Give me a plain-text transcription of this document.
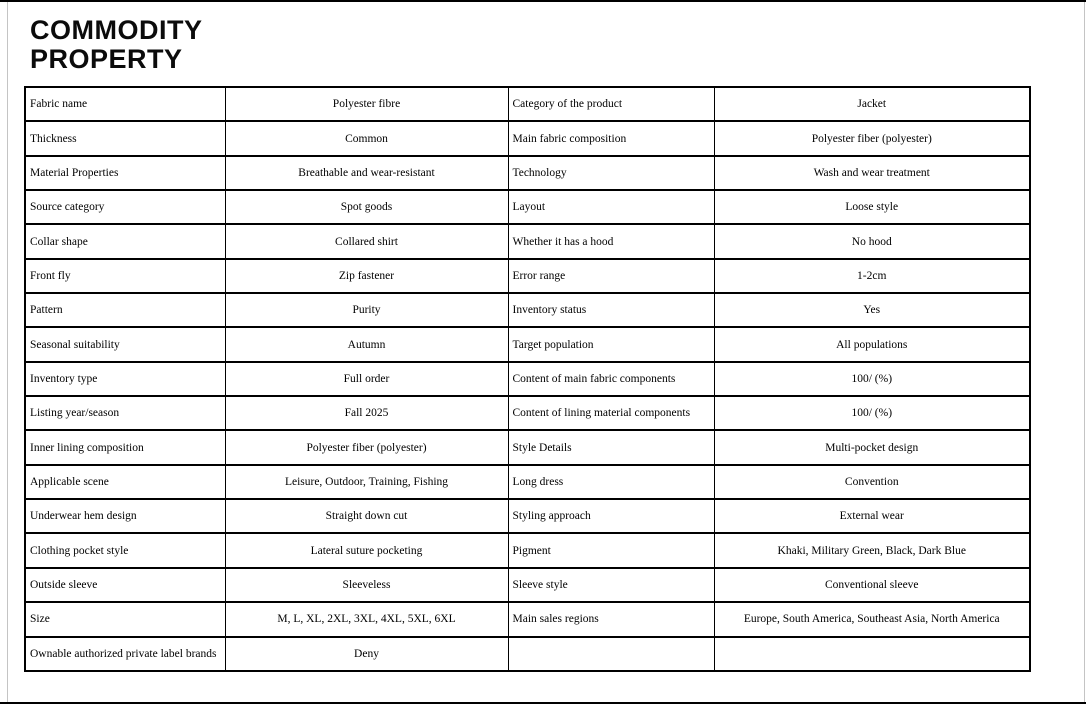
COMMODITY
PROPERTY
Fabric name	Polyester fibre	Category of the product	Jacket
Thickness	Common	Main fabric composition	Polyester fiber (polyester)
Material Properties	Breathable and wear-resistant	Technology	Wash and wear treatment
Source category	Spot goods	Layout	Loose style
Collar shape	Collared shirt	Whether it has a hood	No hood
Front fly	Zip fastener	Error range	1-2cm
Pattern	Purity	Inventory status	Yes
Seasonal suitability	Autumn	Target population	All populations
Inventory type	Full order	Content of main fabric components	100/ (%)
Listing year/season	Fall 2025	Content of lining material components	100/ (%)
Inner lining composition	Polyester fiber (polyester)	Style Details	Multi-pocket design
Applicable scene	Leisure, Outdoor, Training, Fishing	Long dress	Convention
Underwear hem design	Straight down cut	Styling approach	External wear
Clothing pocket style	Lateral suture pocketing	Pigment	Khaki, Military Green, Black, Dark Blue
Outside sleeve	Sleeveless	Sleeve style	Conventional sleeve
Size	M, L, XL, 2XL, 3XL, 4XL, 5XL, 6XL	Main sales regions	Europe, South America, Southeast Asia, North America
Ownable authorized private label brands	Deny		
